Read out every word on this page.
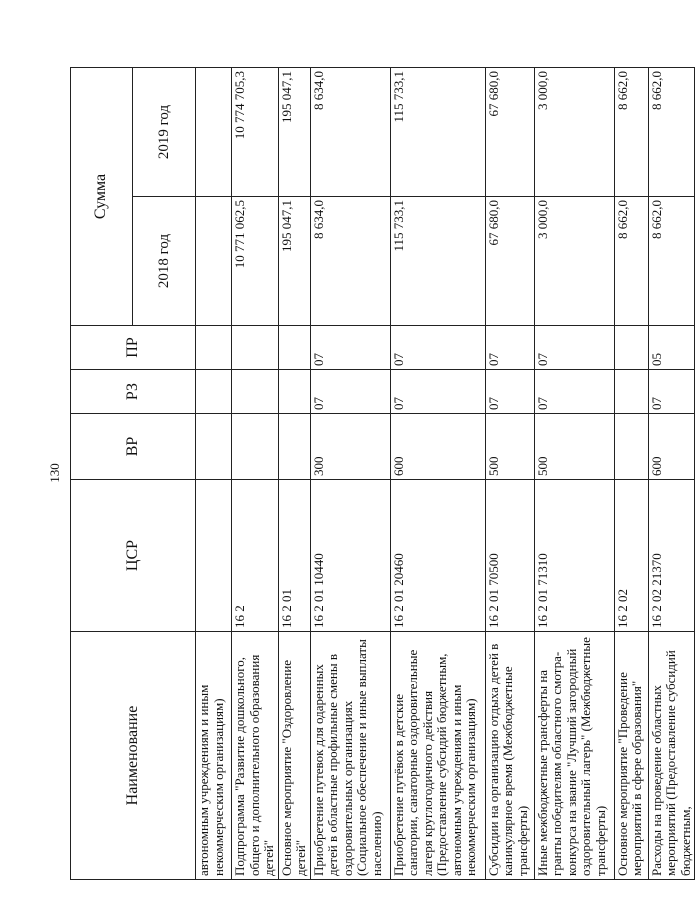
130
Наименование	ЦСР	ВР	РЗ	ПР	Сумма	
					2018 год	2019 год
автономным учреждениям и иным некоммерческим организациям)						
Подпрограмма "Развитие дошкольного, общего и дополнительного образования детей"	16 2				10 771 062,5	10 774 705,3
Основное мероприятие "Оздоровление детей"	16 2 01				195 047,1	195 047,1
Приобретение путевок для одаренных детей в областные профильные смены в оздоровительных организациях (Социальное обеспечение и иные выплаты населению)	16 2 01 10440	300	07	07	8 634,0	8 634,0
Приобретение путёвок в детские санатории, санаторные оздоровительные лагеря круглогодичного действия (Предоставление субсидий бюджетным, автономным учреждениям и иным некоммерческим организациям)	16 2 01 20460	600	07	07	115 733,1	115 733,1
Субсидии на организацию отдыха детей в каникулярное время (Межбюджетные трансферты)	16 2 01 70500	500	07	07	67 680,0	67 680,0
Иные межбюджетные трансферты на гранты победителям областного смотра-конкурса на звание "Лучший загородный оздоровительный лагерь" (Межбюджетные трансферты)	16 2 01 71310	500	07	07	3 000,0	3 000,0
Основное мероприятие "Проведение мероприятий в сфере образования"	16 2 02				8 662,0	8 662,0
Расходы на проведение областных мероприятий (Предоставление субсидий бюджетным,	16 2 02 21370	600	07	05	8 662,0	8 662,0
